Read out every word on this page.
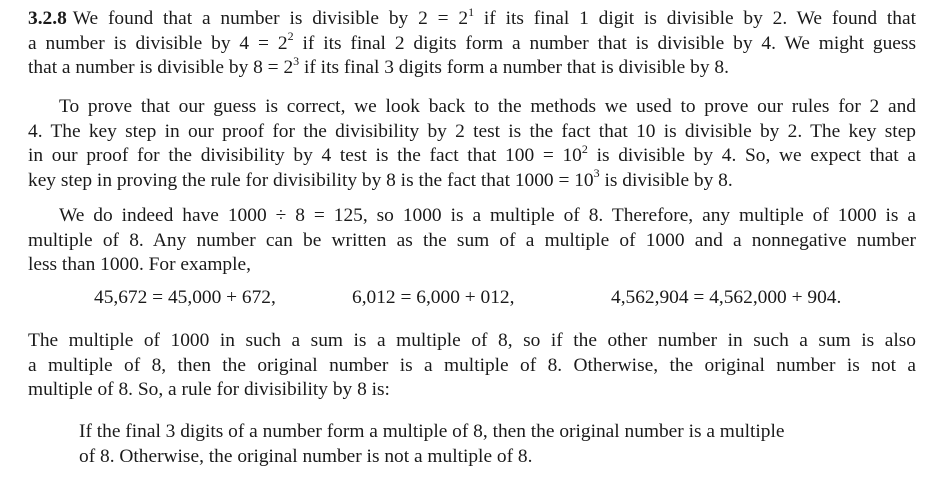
3.2.8 We found that a number is divisible by $2 = 2^1$ if its final 1 digit is divisible by 2. We found that
a number is divisible by $4 = 2^2$ if its final 2 digits form a number that is divisible by 4. We might guess
that a number is divisible by $8 = 2^3$ if its final 3 digits form a number that is divisible by 8.
To prove that our guess is correct, we look back to the methods we used to prove our rules for 2 and
4. The key step in our proof for the divisibility by 2 test is the fact that 10 is divisible by 2. The key step
in our proof for the divisibility by 4 test is the fact that $100 = 10^2$ is divisible by 4. So, we expect that a
key step in proving the rule for divisibility by 8 is the fact that $1000 = 10^3$ is divisible by 8.
We do indeed have 1000 ÷ 8 = 125, so 1000 is a multiple of 8. Therefore, any multiple of 1000 is a
multiple of 8. Any number can be written as the sum of a multiple of 1000 and a nonnegative number
less than 1000. For example,
45,672 = 45,000 + 672,	6,012 = 6,000 + 012,	4,562,904 = 4,562,000 + 904.
The multiple of 1000 in such a sum is a multiple of 8, so if the other number in such a sum is also
a multiple of 8, then the original number is a multiple of 8. Otherwise, the original number is not a
multiple of 8. So, a rule for divisibility by 8 is:
If the final 3 digits of a number form a multiple of 8, then the original number is a multiple
of 8. Otherwise, the original number is not a multiple of 8.
